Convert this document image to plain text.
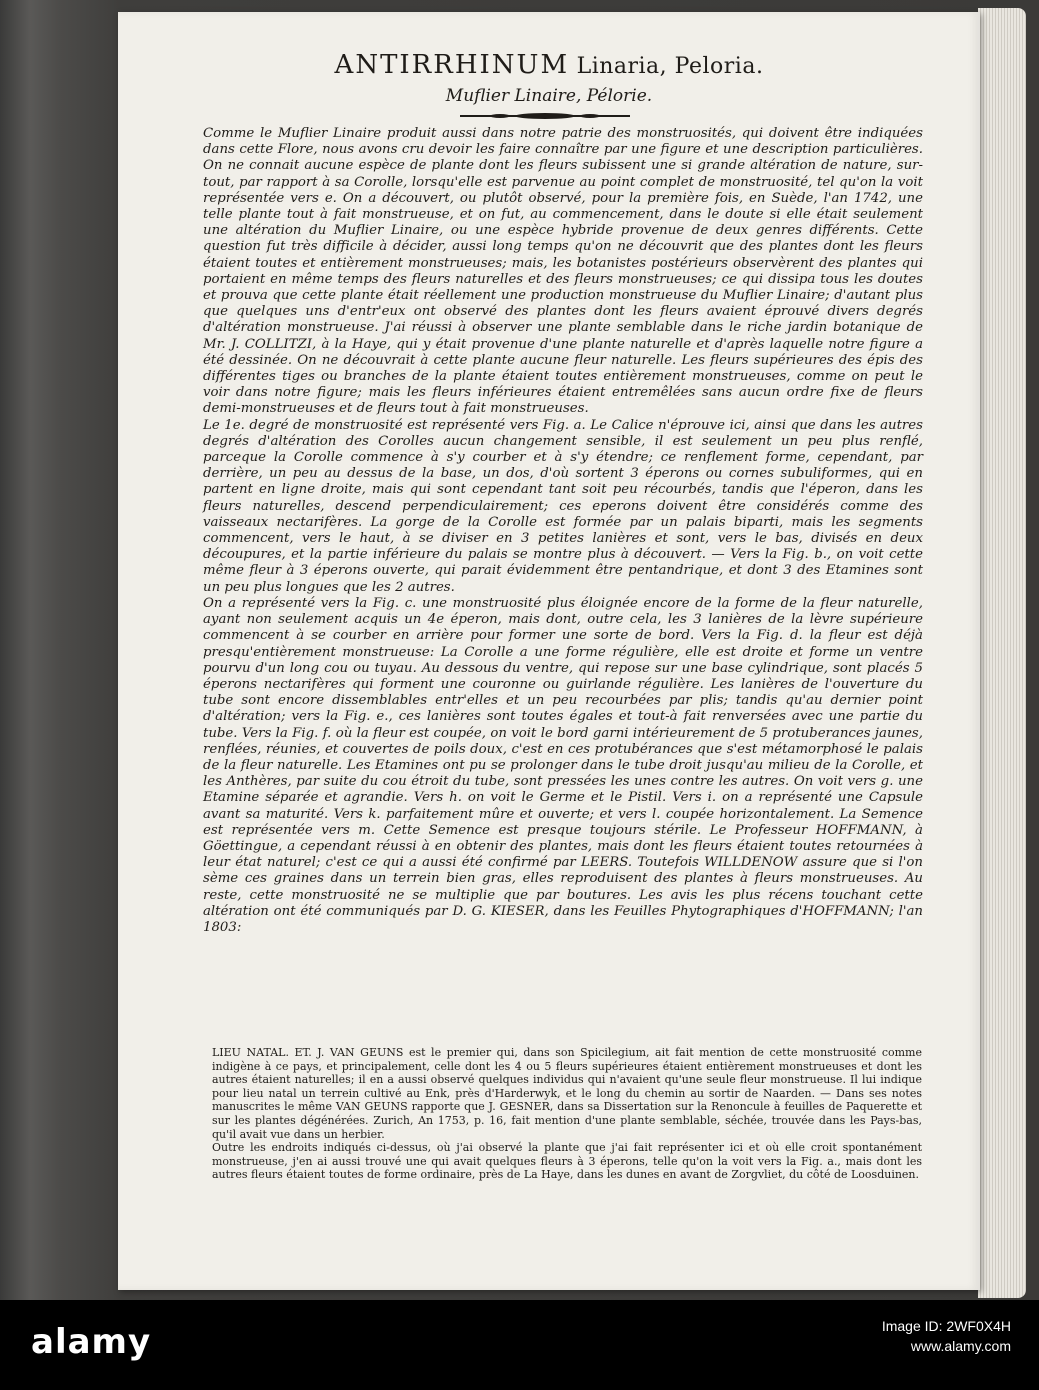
ANTIRRHINUM Linaria, Peloria.
Muflier Linaire, Pélorie.

Comme le Muflier Linaire produit aussi dans notre patrie des monstruosités, qui doivent être indiquées dans cette Flore, nous avons cru devoir les faire connaître par une figure et une description particulières. On ne connait aucune espèce de plante dont les fleurs subissent une si grande altération de nature, sur-tout, par rapport à sa Corolle, lorsqu'elle est parvenue au point complet de monstruosité, tel qu'on la voit représentée vers e. On a découvert, ou plutôt observé, pour la première fois, en Suède, l'an 1742, une telle plante tout à fait monstrueuse, et on fut, au commencement, dans le doute si elle était seulement une altération du Muflier Linaire, ou une espèce hybride provenue de deux genres différents. Cette question fut très difficile à décider, aussi long temps qu'on ne découvrit que des plantes dont les fleurs étaient toutes et entièrement monstrueuses; mais, les botanistes postérieurs observèrent des plantes qui portaient en même temps des fleurs naturelles et des fleurs monstrueuses; ce qui dissipa tous les doutes et prouva que cette plante était réellement une production monstrueuse du Muflier Linaire; d'autant plus que quelques uns d'entr'eux ont observé des plantes dont les fleurs avaient éprouvé divers degrés d'altération monstrueuse. J'ai réussi à observer une plante semblable dans le riche jardin botanique de Mr. J. COLLITZI, à la Haye, qui y était provenue d'une plante naturelle et d'après laquelle notre figure a été dessinée. On ne découvrait à cette plante aucune fleur naturelle. Les fleurs supérieures des épis des différentes tiges ou branches de la plante étaient toutes entièrement monstrueuses, comme on peut le voir dans notre figure; mais les fleurs inférieures étaient entremêlées sans aucun ordre fixe de fleurs demi-monstrueuses et de fleurs tout à fait monstrueuses.

Le 1e. degré de monstruosité est représenté vers Fig. a. Le Calice n'éprouve ici, ainsi que dans les autres degrés d'altération des Corolles aucun changement sensible, il est seulement un peu plus renflé, parceque la Corolle commence à s'y courber et à s'y étendre; ce renflement forme, cependant, par derrière, un peu au dessus de la base, un dos, d'où sortent 3 éperons ou cornes subuliformes, qui en partent en ligne droite, mais qui sont cependant tant soit peu récourbés, tandis que l'éperon, dans les fleurs naturelles, descend perpendiculairement; ces eperons doivent être considérés comme des vaisseaux nectarifères. La gorge de la Corolle est formée par un palais biparti, mais les segments commencent, vers le haut, à se diviser en 3 petites lanières et sont, vers le bas, divisés en deux découpures, et la partie inférieure du palais se montre plus à découvert. — Vers la Fig. b., on voit cette même fleur à 3 éperons ouverte, qui parait évidemment être pentandrique, et dont 3 des Etamines sont un peu plus longues que les 2 autres.

On a représenté vers la Fig. c. une monstruosité plus éloignée encore de la forme de la fleur naturelle, ayant non seulement acquis un 4e éperon, mais dont, outre cela, les 3 lanières de la lèvre supérieure commencent à se courber en arrière pour former une sorte de bord. Vers la Fig. d. la fleur est déjà presqu'entièrement monstrueuse: La Corolle a une forme régulière, elle est droite et forme un ventre pourvu d'un long cou ou tuyau. Au dessous du ventre, qui repose sur une base cylindrique, sont placés 5 éperons nectarifères qui forment une couronne ou guirlande régulière. Les lanières de l'ouverture du tube sont encore dissemblables entr'elles et un peu recourbées par plis; tandis qu'au dernier point d'altération; vers la Fig. e., ces lanières sont toutes égales et tout-à fait renversées avec une partie du tube. Vers la Fig. f. où la fleur est coupée, on voit le bord garni intérieurement de 5 protuberances jaunes, renflées, réunies, et couvertes de poils doux, c'est en ces protubérances que s'est métamorphosé le palais de la fleur naturelle. Les Etamines ont pu se prolonger dans le tube droit jusqu'au milieu de la Corolle, et les Anthères, par suite du cou étroit du tube, sont pressées les unes contre les autres. On voit vers g. une Etamine séparée et agrandie. Vers h. on voit le Germe et le Pistil. Vers i. on a représenté une Capsule avant sa maturité. Vers k. parfaitement mûre et ouverte; et vers l. coupée horizontalement. La Semence est représentée vers m. Cette Semence est presque toujours stérile. Le Professeur HOFFMANN, à Göettingue, a cependant réussi à en obtenir des plantes, mais dont les fleurs étaient toutes retournées à leur état naturel; c'est ce qui a aussi été confirmé par LEERS. Toutefois WILLDENOW assure que si l'on sème ces graines dans un terrein bien gras, elles reproduisent des plantes à fleurs monstrueuses. Au reste, cette monstruosité ne se multiplie que par boutures. Les avis les plus récens touchant cette altération ont été communiqués par D. G. KIESER, dans les Feuilles Phytographiques d'HOFFMANN; l'an 1803:

LIEU NATAL. ET. J. VAN GEUNS est le premier qui, dans son Spicilegium, ait fait mention de cette monstruosité comme indigène à ce pays, et principalement, celle dont les 4 ou 5 fleurs supérieures étaient entièrement monstrueuses et dont les autres étaient naturelles; il en a aussi observé quelques individus qui n'avaient qu'une seule fleur monstrueuse. Il lui indique pour lieu natal un terrein cultivé au Enk, près d'Harderwyk, et le long du chemin au sortir de Naarden. — Dans ses notes manuscrites le même VAN GEUNS rapporte que J. GESNER, dans sa Dissertation sur la Renoncule à feuilles de Paquerette et sur les plantes dégénérées. Zurich, An 1753, p. 16, fait mention d'une plante semblable, séchée, trouvée dans les Pays-bas, qu'il avait vue dans un herbier.

Outre les endroits indiqués ci-dessus, où j'ai observé la plante que j'ai fait représenter ici et où elle croit spontanément monstrueuse, j'en ai aussi trouvé une qui avait quelques fleurs à 3 éperons, telle qu'on la voit vers la Fig. a., mais dont les autres fleurs étaient toutes de forme ordinaire, près de La Haye, dans les dunes en avant de Zorgvliet, du côté de Loosduinen.

alamy	Image ID: 2WF0X4H
www.alamy.com
